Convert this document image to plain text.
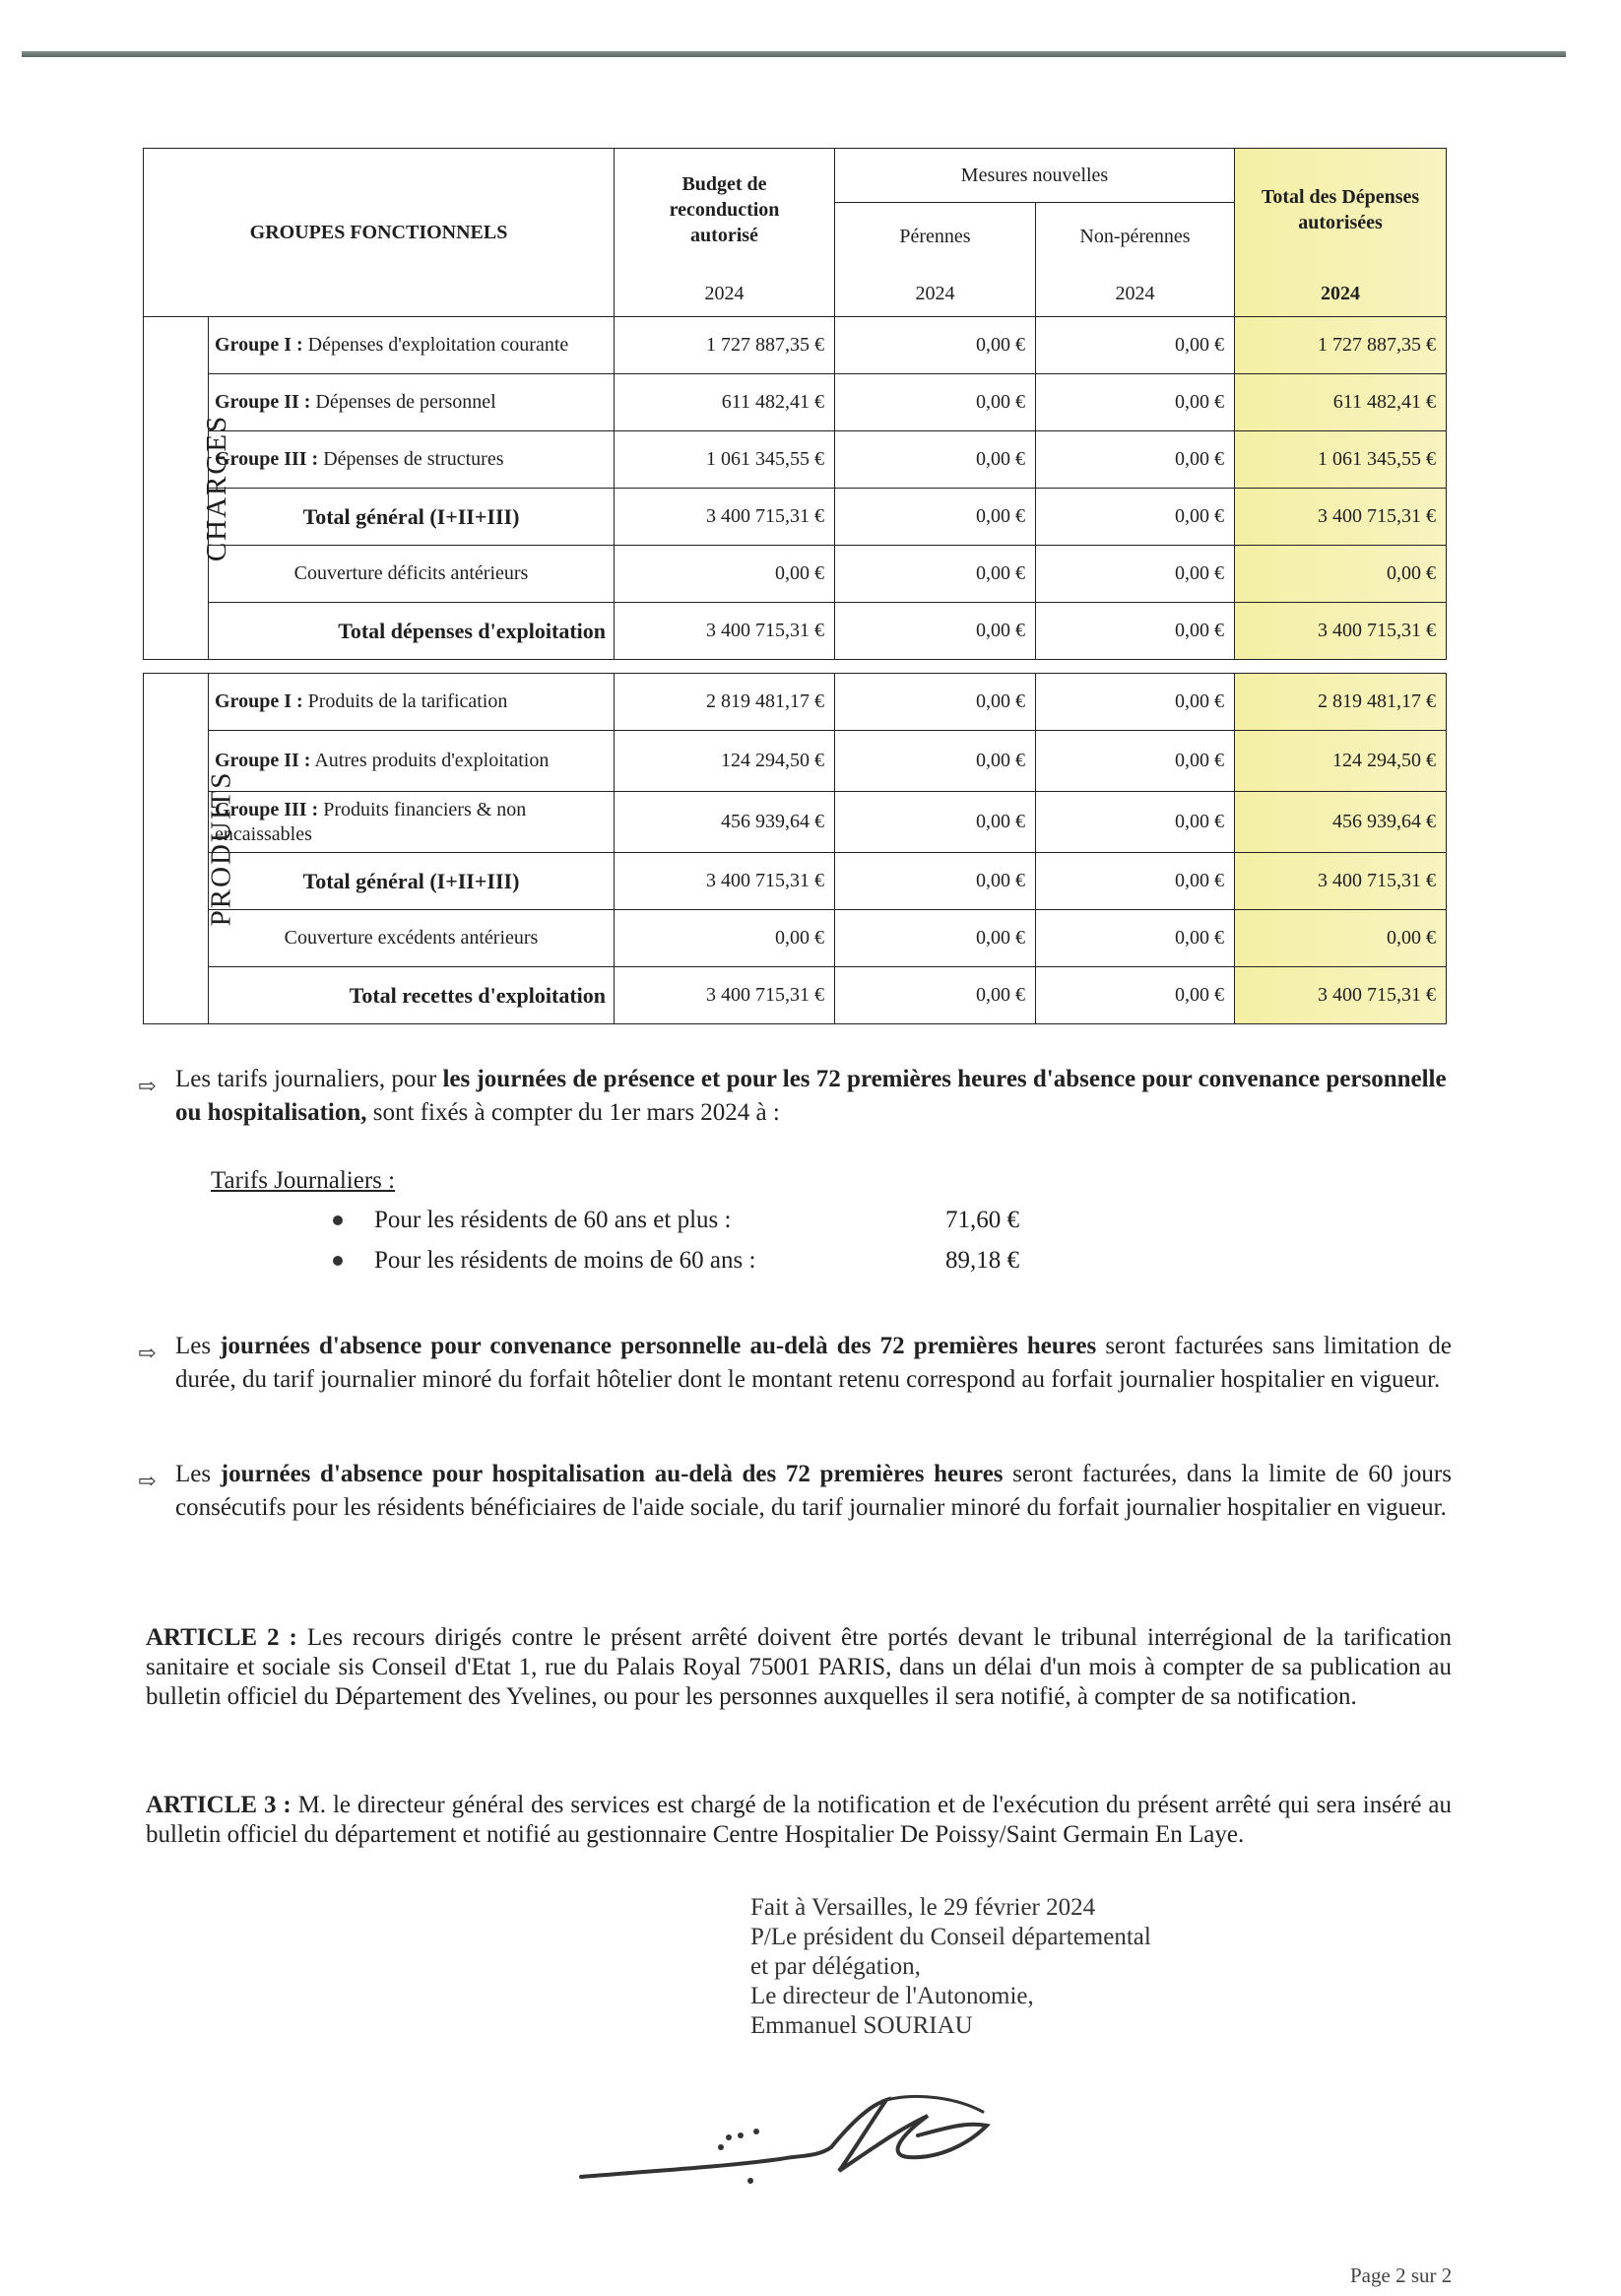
GROUPES FONCTIONNELS		Budget de reconduction autorisé	Mesures nouvelles		Total des Dépenses autorisées
			Pérennes	Non-pérennes	
		2024	2024	2024	2024
CHARGES	Groupe I : Dépenses d'exploitation courante	1 727 887,35 €	0,00 €	0,00 €	1 727 887,35 €
	Groupe II : Dépenses de personnel	611 482,41 €	0,00 €	0,00 €	611 482,41 €
	Groupe III : Dépenses de structures	1 061 345,55 €	0,00 €	0,00 €	1 061 345,55 €
	Total général (I+II+III)	3 400 715,31 €	0,00 €	0,00 €	3 400 715,31 €
	Couverture déficits antérieurs	0,00 €	0,00 €	0,00 €	0,00 €
	Total dépenses d'exploitation	3 400 715,31 €	0,00 €	0,00 €	3 400 715,31 €

PRODUITS	Groupe I : Produits de la tarification	2 819 481,17 €	0,00 €	0,00 €	2 819 481,17 €
	Groupe II : Autres produits d'exploitation	124 294,50 €	0,00 €	0,00 €	124 294,50 €
	Groupe III : Produits financiers & non encaissables	456 939,64 €	0,00 €	0,00 €	456 939,64 €
	Total général (I+II+III)	3 400 715,31 €	0,00 €	0,00 €	3 400 715,31 €
	Couverture excédents antérieurs	0,00 €	0,00 €	0,00 €	0,00 €
	Total recettes d'exploitation	3 400 715,31 €	0,00 €	0,00 €	3 400 715,31 €
⇨ Les tarifs journaliers, pour les journées de présence et pour les 72 premières heures d'absence pour convenance personnelle ou hospitalisation, sont fixés à compter du 1er mars 2024 à :
Tarifs Journaliers :
Pour les résidents de 60 ans et plus :	71,60 €
Pour les résidents de moins de 60 ans :	89,18 €
⇨ Les journées d'absence pour convenance personnelle au-delà des 72 premières heures seront facturées sans limitation de durée, du tarif journalier minoré du forfait hôtelier dont le montant retenu correspond au forfait journalier hospitalier en vigueur.
⇨ Les journées d'absence pour hospitalisation au-delà des 72 premières heures seront facturées, dans la limite de 60 jours consécutifs pour les résidents bénéficiaires de l'aide sociale, du tarif journalier minoré du forfait journalier hospitalier en vigueur.
ARTICLE 2 : Les recours dirigés contre le présent arrêté doivent être portés devant le tribunal interrégional de la tarification sanitaire et sociale sis Conseil d'Etat 1, rue du Palais Royal 75001 PARIS, dans un délai d'un mois à compter de sa publication au bulletin officiel du Département des Yvelines, ou pour les personnes auxquelles il sera notifié, à compter de sa notification.
ARTICLE 3 : M. le directeur général des services est chargé de la notification et de l'exécution du présent arrêté qui sera inséré au bulletin officiel du département et notifié au gestionnaire Centre Hospitalier De Poissy/Saint Germain En Laye.
Fait à Versailles, le 29 février 2024
P/Le président du Conseil départemental
et par délégation,
Le directeur de l'Autonomie,
Emmanuel SOURIAU
Page 2 sur 2
